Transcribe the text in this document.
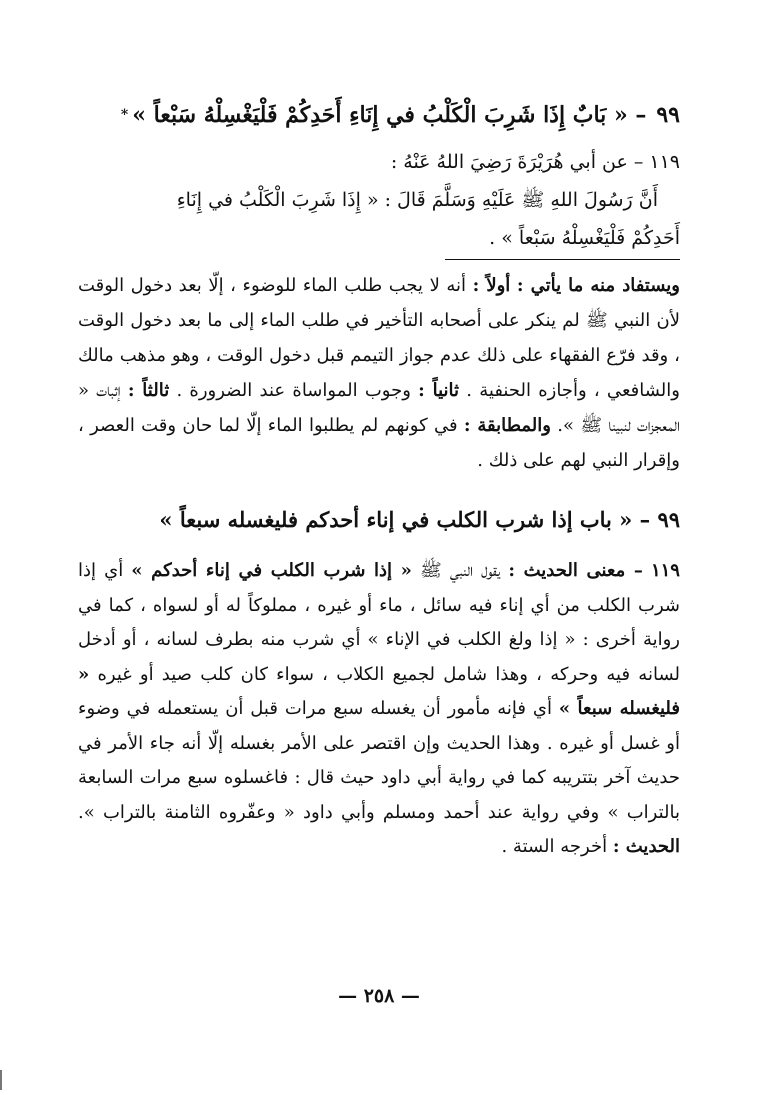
٩٩– « بَابٌ إِذَا شَرِبَ الْكَلْبُ في إِنَاءِ أَحَدِكُمْ فَلْيَغْسِلْهُ سَبْعاً »*
١١٩– عن أبي هُرَيْرَةَ رَضِيَ اللهُ عَنْهُ :
أَنَّ رَسُولَ اللهِ ﷺ عَلَيْهِ وَسَلَّمَ قَالَ : « إِذَا شَرِبَ الْكَلْبُ في إِنَاءِ
أَحَدِكُمْ فَلْيَغْسِلْهُ سَبْعاً » .
ويستفاد منه ما يأتي : أولاً : أنه لا يجب طلب الماء للوضوء ، إلّا بعد دخول الوقت لأن النبي ﷺ لم ينكر على أصحابه التأخير في طلب الماء إلى ما بعد دخول الوقت ، وقد فرّع الفقهاء على ذلك عدم جواز التيمم قبل دخول الوقت ، وهو مذهب مالك والشافعي ، وأجازه الحنفية . ثانياً : وجوب المواساة عند الضرورة . ثالثاً : إثبات « المعجزات لنبينا ﷺ ». والمطابقة : في كونهم لم يطلبوا الماء إلّا لما حان وقت العصر ، وإقرار النبي لهم على ذلك .
٩٩ – « باب إذا شرب الكلب في إناء أحدكم فليغسله سبعاً »
١١٩ – معنى الحديث : يقول النبي ﷺ « إذا شرب الكلب في إناء أحدكم » أي إذا شرب الكلب من أي إناء فيه سائل ، ماء أو غيره ، مملوكاً له أو لسواه ، كما في رواية أخرى : « إذا ولغ الكلب في الإناء » أي شرب منه بطرف لسانه ، أو أدخل لسانه فيه وحركه ، وهذا شامل لجميع الكلاب ، سواء كان كلب صيد أو غيره « فليغسله سبعاً » أي فإنه مأمور أن يغسله سبع مرات قبل أن يستعمله في وضوء أو غسل أو غيره . وهذا الحديث وإن اقتصر على الأمر بغسله إلّا أنه جاء الأمر في حديث آخر بتتريبه كما في رواية أبي داود حيث قال : فاغسلوه سبع مرات السابعة بالتراب » وفي رواية عند أحمد ومسلم وأبي داود « وعفّروه الثامنة بالتراب ». الحديث : أخرجه الستة .
— ٢٥٨ —
